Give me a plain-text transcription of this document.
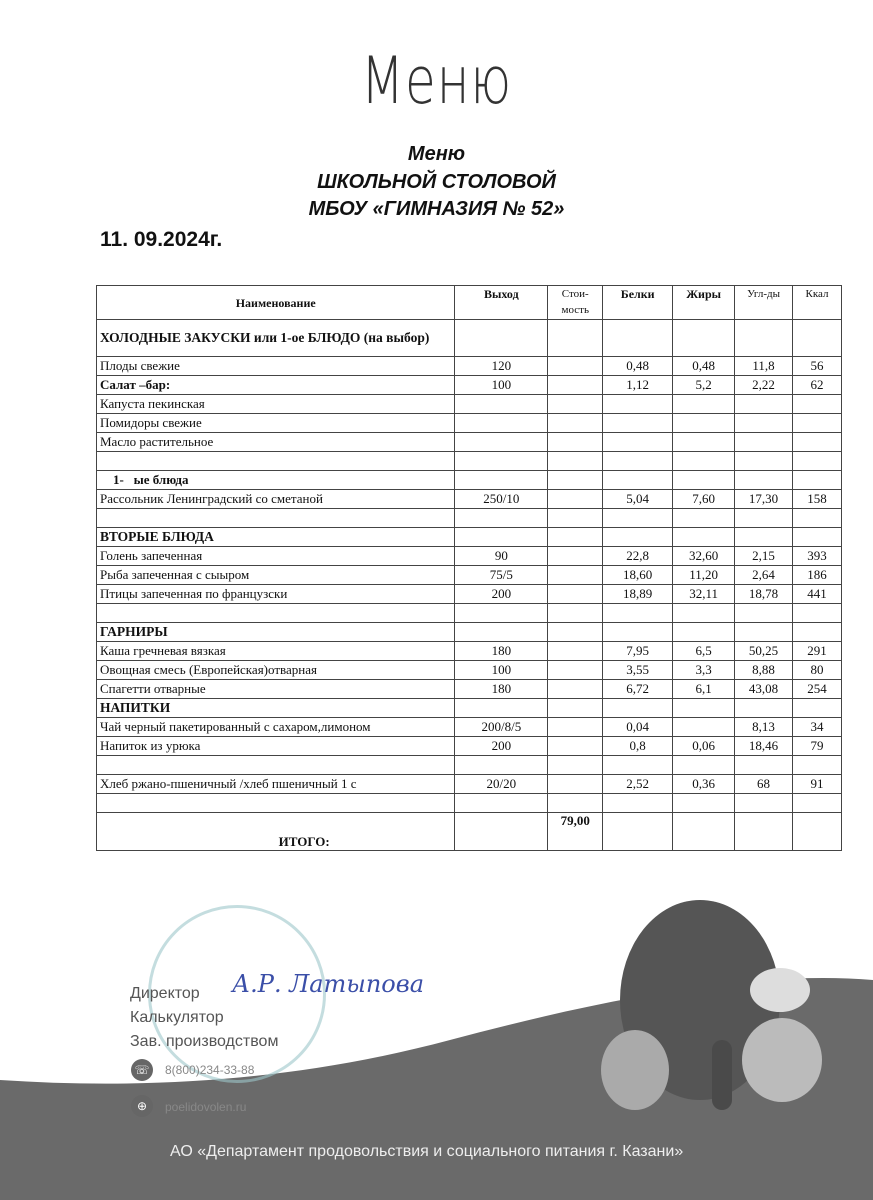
Меню
Меню
ШКОЛЬНОЙ СТОЛОВОЙ
МБОУ «ГИМНАЗИЯ № 52»
11. 09.2024г.
Наименование	Выход	Стои-мость	Белки	Жиры	Угл-ды	Ккал
ХОЛОДНЫЕ ЗАКУСКИ или 1-ое БЛЮДО (на выбор)						
Плоды свежие	120		0,48	0,48	11,8	56
Салат –бар:	100		1,12	5,2	2,22	62
Капуста пекинская						
Помидоры свежие						
Масло растительное						

1-   ые блюда						
Рассольник Ленинградский со сметаной	250/10		5,04	7,60	17,30	158

ВТОРЫЕ БЛЮДА						
Голень запеченная	90		22,8	32,60	2,15	393
Рыба запеченная с сыыром	75/5		18,60	11,20	2,64	186
Птицы запеченная по французски	200		18,89	32,11	18,78	441

ГАРНИРЫ						
Каша гречневая вязкая	180		7,95	6,5	50,25	291
Овощная смесь (Европейская)отварная	100		3,55	3,3	8,88	80
Спагетти отварные	180		6,72	6,1	43,08	254
НАПИТКИ						
Чай черный пакетированный с сахаром,лимоном	200/8/5		0,04		8,13	34
Напиток из урюка	200		0,8	0,06	18,46	79

Хлеб ржано-пшеничный /хлеб пшеничный 1 с	20/20		2,52	0,36	68	91

ИТОГО:		79,00				
Директор
Калькулятор
Зав. производством
А.Р. Латыпова
☏ 8(800)234-33-88
⊕	poelidovolen.ru
АО «Департамент продовольствия и социального питания г. Казани»
